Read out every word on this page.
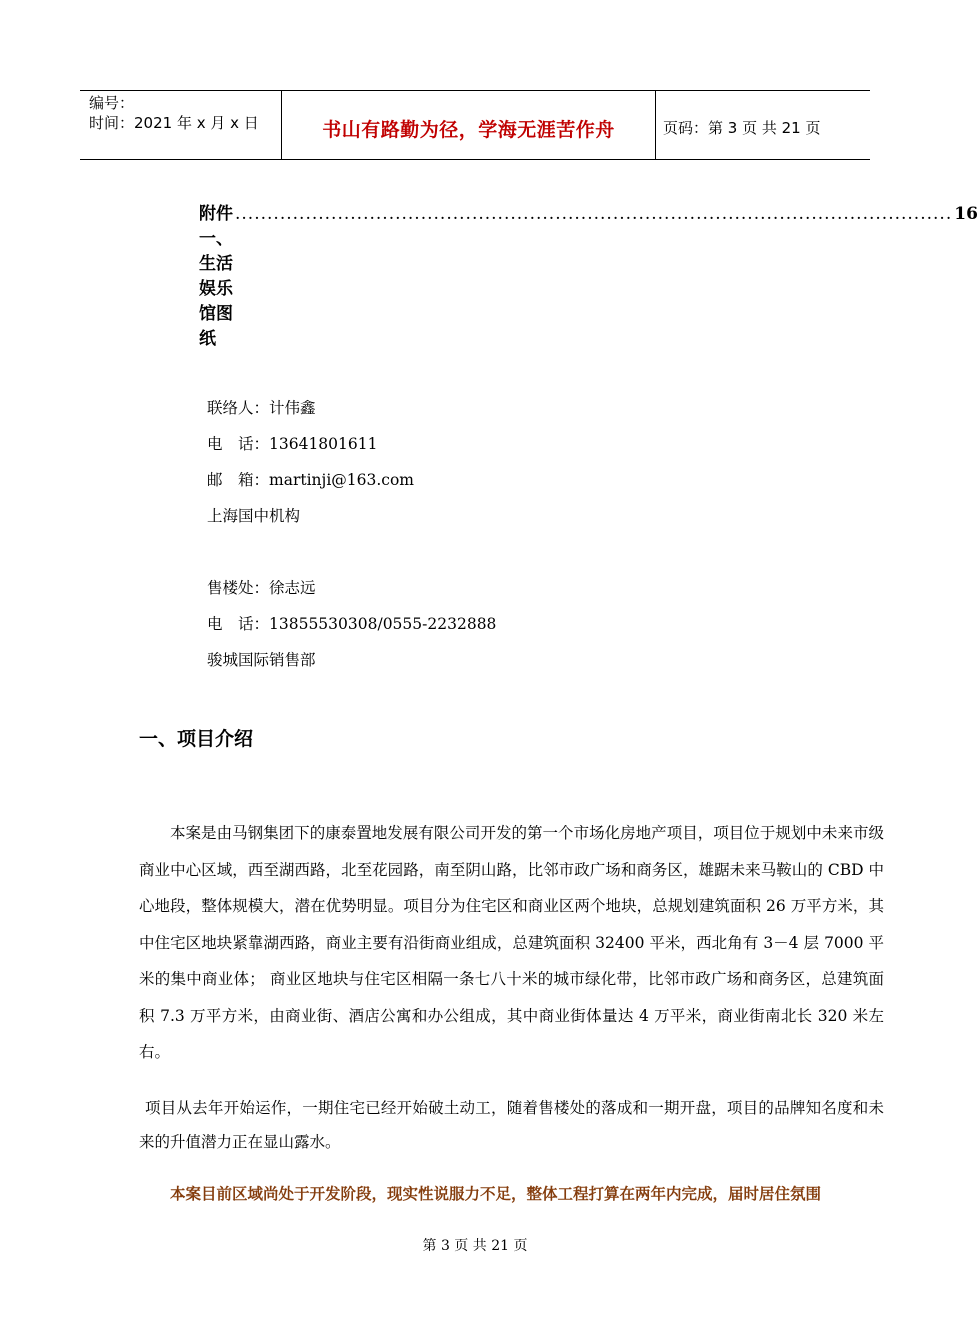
编号：
时间：2021 年 x 月 x 日	书山有路勤为径，学海无涯苦作舟	页码：第 3 页 共 21 页
附件一、生活娱乐馆图纸
................................................................................................................ 16
联络人：计伟鑫
电　话：13641801611
邮　箱：martinji@163.com
上海国中机构
售楼处：徐志远
电　话：13855530308/0555-2232888
骏城国际销售部
一、项目介绍
本案是由马钢集团下的康泰置地发展有限公司开发的第一个市场化房地产项目，项目位于规划中未来市级商业中心区域，西至湖西路，北至花园路，南至阴山路，比邻市政广场和商务区，雄踞未来马鞍山的 CBD 中心地段，整体规模大，潜在优势明显。项目分为住宅区和商业区两个地块，总规划建筑面积 26 万平方米，其中住宅区地块紧靠湖西路，商业主要有沿街商业组成，总建筑面积 32400 平米，西北角有 3－4 层 7000 平米的集中商业体； 商业区地块与住宅区相隔一条七八十米的城市绿化带，比邻市政广场和商务区，总建筑面积 7.3 万平方米，由商业街、酒店公寓和办公组成，其中商业街体量达 4 万平米，商业街南北长 320 米左右。
项目从去年开始运作，一期住宅已经开始破土动工，随着售楼处的落成和一期开盘，项目的品牌知名度和未来的升值潜力正在显山露水。
本案目前区域尚处于开发阶段，现实性说服力不足，整体工程打算在两年内完成，届时居住氛围
第 3 页 共 21 页
